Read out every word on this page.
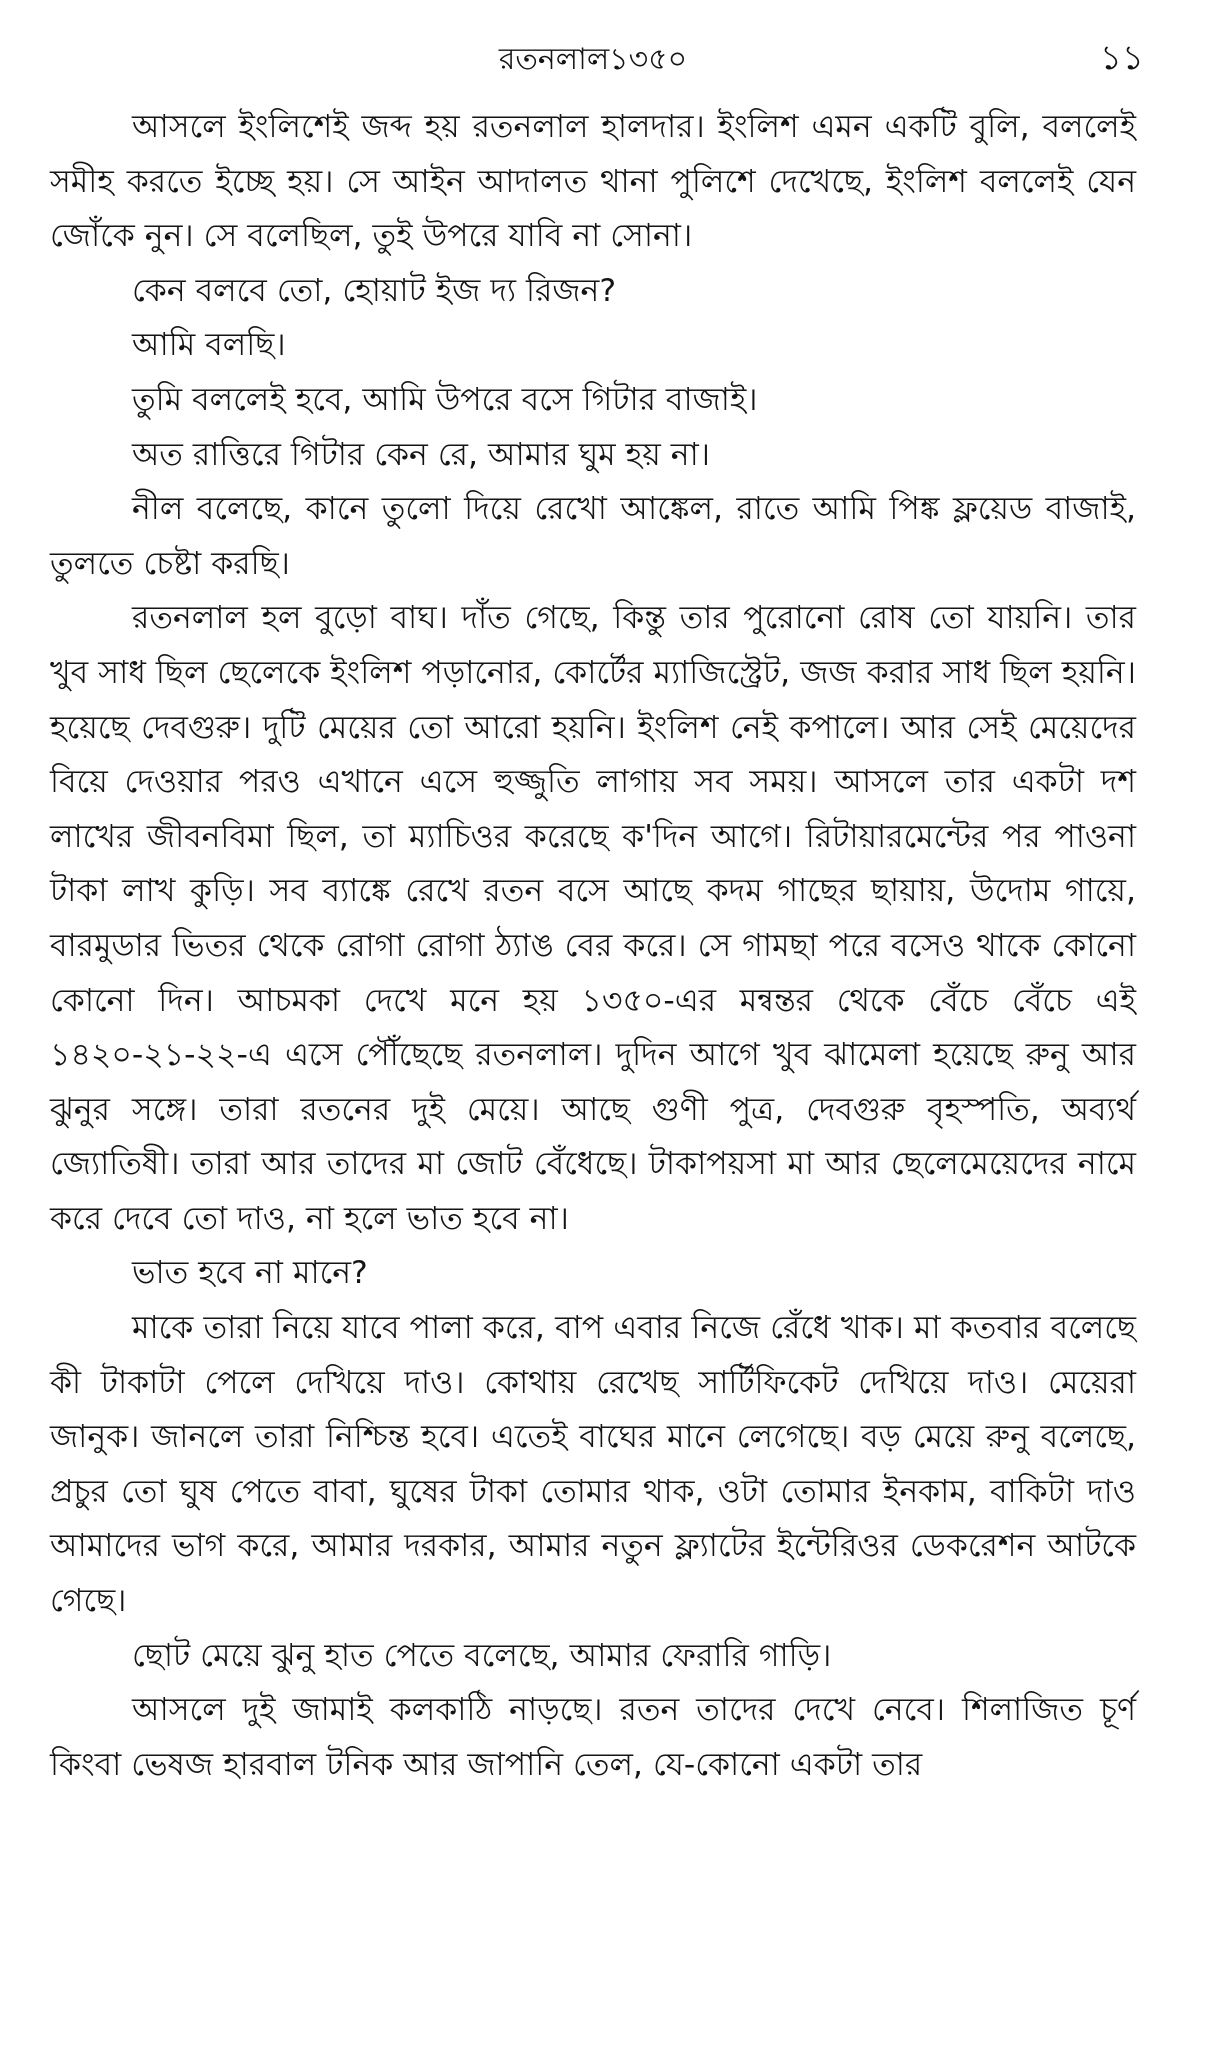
রতনলাল১৩৫০	১১

আসলে ইংলিশেই জব্দ হয় রতনলাল হালদার। ইংলিশ এমন একটি বুলি, বললেই সমীহ করতে ইচ্ছে হয়। সে আইন আদালত থানা পুলিশে দেখেছে, ইংলিশ বললেই যেন জোঁকে নুন। সে বলেছিল, তুই উপরে যাবি না সোনা।

কেন বলবে তো, হোয়াট ইজ দ্য রিজন?

আমি বলছি।

তুমি বললেই হবে, আমি উপরে বসে গিটার বাজাই।

অত রাত্তিরে গিটার কেন রে, আমার ঘুম হয় না।

নীল বলেছে, কানে তুলো দিয়ে রেখো আঙ্কেল, রাতে আমি পিঙ্ক ফ্লয়েড বাজাই, তুলতে চেষ্টা করছি।

রতনলাল হল বুড়ো বাঘ। দাঁত গেছে, কিন্তু তার পুরোনো রোষ তো যায়নি। তার খুব সাধ ছিল ছেলেকে ইংলিশ পড়ানোর, কোর্টের ম্যাজিস্ট্রেট, জজ করার সাধ ছিল হয়নি। হয়েছে দেবগুরু। দুটি মেয়ের তো আরো হয়নি। ইংলিশ নেই কপালে। আর সেই মেয়েদের বিয়ে দেওয়ার পরও এখানে এসে হুজ্জুতি লাগায় সব সময়। আসলে তার একটা দশ লাখের জীবনবিমা ছিল, তা ম্যাচিওর করেছে ক'দিন আগে। রিটায়ারমেন্টের পর পাওনা টাকা লাখ কুড়ি। সব ব্যাঙ্কে রেখে রতন বসে আছে কদম গাছের ছায়ায়, উদোম গায়ে, বারমুডার ভিতর থেকে রোগা রোগা ঠ্যাঙ বের করে। সে গামছা পরে বসেও থাকে কোনো কোনো দিন। আচমকা দেখে মনে হয় ১৩৫০-এর মন্বন্তর থেকে বেঁচে বেঁচে এই ১৪২০-২১-২২-এ এসে পৌঁছেছে রতনলাল। দুদিন আগে খুব ঝামেলা হয়েছে রুনু আর ঝুনুর সঙ্গে। তারা রতনের দুই মেয়ে। আছে গুণী পুত্র, দেবগুরু বৃহস্পতি, অব্যর্থ জ্যোতিষী। তারা আর তাদের মা জোট বেঁধেছে। টাকাপয়সা মা আর ছেলেমেয়েদের নামে করে দেবে তো দাও, না হলে ভাত হবে না।

ভাত হবে না মানে?

মাকে তারা নিয়ে যাবে পালা করে, বাপ এবার নিজে রেঁধে খাক। মা কতবার বলেছে কী টাকাটা পেলে দেখিয়ে দাও। কোথায় রেখেছ সার্টিফিকেট দেখিয়ে দাও। মেয়েরা জানুক। জানলে তারা নিশ্চিন্ত হবে। এতেই বাঘের মানে লেগেছে। বড় মেয়ে রুনু বলেছে, প্রচুর তো ঘুষ পেতে বাবা, ঘুষের টাকা তোমার থাক, ওটা তোমার ইনকাম, বাকিটা দাও আমাদের ভাগ করে, আমার দরকার, আমার নতুন ফ্ল্যাটের ইন্টেরিওর ডেকরেশন আটকে গেছে।

ছোট মেয়ে ঝুনু হাত পেতে বলেছে, আমার ফেরারি গাড়ি।

আসলে দুই জামাই কলকাঠি নাড়ছে। রতন তাদের দেখে নেবে। শিলাজিত চূর্ণ কিংবা ভেষজ হারবাল টনিক আর জাপানি তেল, যে-কোনো একটা তার
